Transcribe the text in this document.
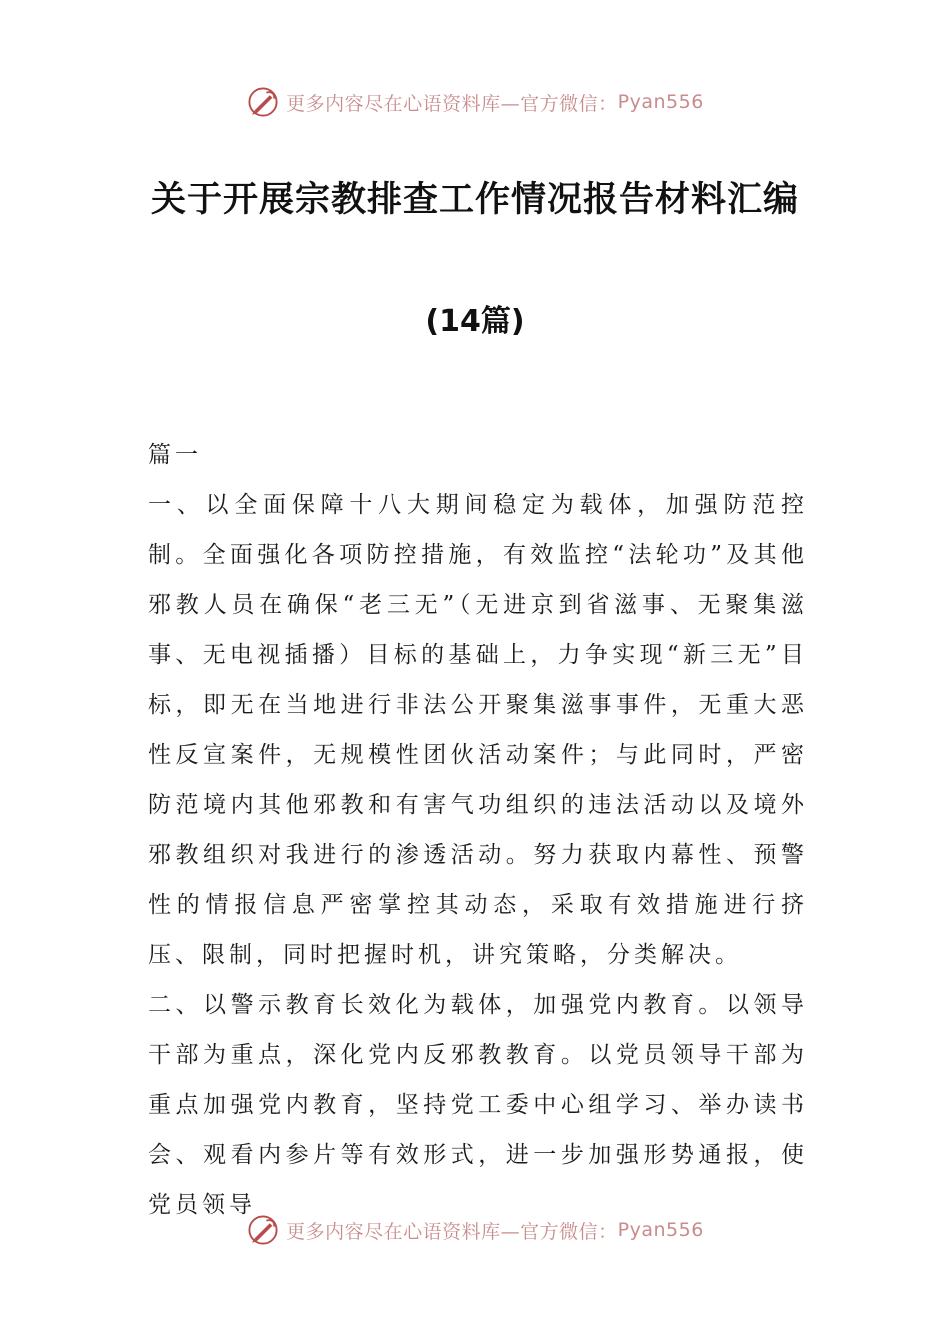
更多内容尽在心语资料库—官方微信： Pyan556
关于开展宗教排查工作情况报告材料汇编
(14篇)

篇一

一、以全面保障十八大期间稳定为载体，加强防范控制。全面强化各项防控措施，有效监控“法轮功”及其他邪教人员在确保“老三无”（无进京到省滋事、无聚集滋事、无电视插播）目标的基础上，力争实现“新三无”目标，即无在当地进行非法公开聚集滋事事件，无重大恶性反宣案件，无规模性团伙活动案件；与此同时，严密防范境内其他邪教和有害气功组织的违法活动以及境外邪教组织对我进行的渗透活动。努力获取内幕性、预警性的情报信息严密掌控其动态，采取有效措施进行挤压、限制，同时把握时机，讲究策略，分类解决。

二、以警示教育长效化为载体，加强党内教育。以领导干部为重点，深化党内反邪教教育。以党员领导干部为重点加强党内教育，坚持党工委中心组学习、举办读书会、观看内参片等有效形式，进一步加强形势通报，使党员领导

更多内容尽在心语资料库—官方微信： Pyan556
